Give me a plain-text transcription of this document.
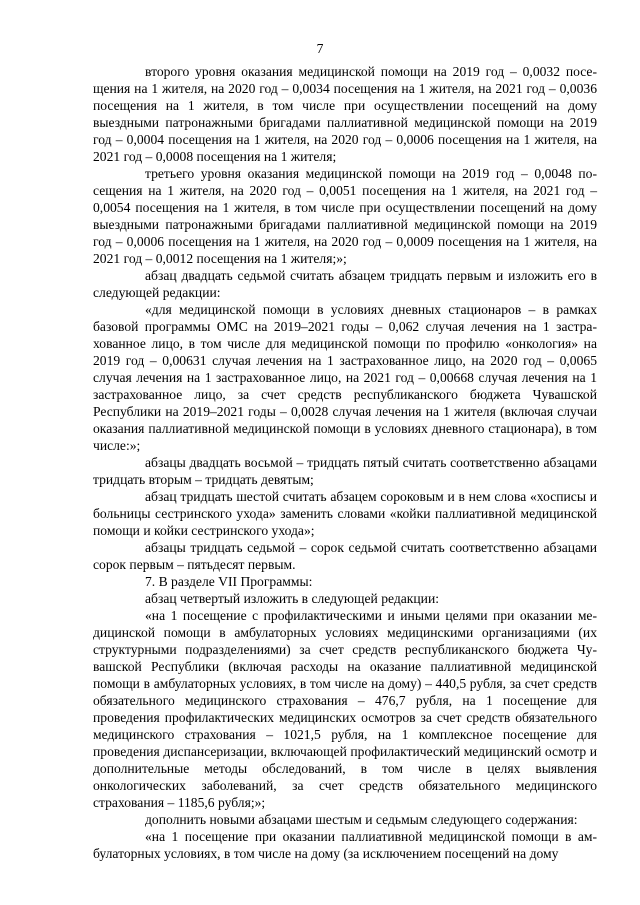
7

второго уровня оказания медицинской помощи на 2019 год – 0,0032 посещения на 1 жителя, на 2020 год – 0,0034 посещения на 1 жителя, на 2021 год – 0,0036 посещения на 1 жителя, в том числе при осуществлении посещений на дому выездными патронажными бригадами паллиативной медицинской помощи на 2019 год – 0,0004 посещения на 1 жителя, на 2020 год – 0,0006 посещения на 1 жителя, на 2021 год – 0,0008 посещения на 1 жителя;

третьего уровня оказания медицинской помощи на 2019 год – 0,0048 посещения на 1 жителя, на 2020 год – 0,0051 посещения на 1 жителя, на 2021 год – 0,0054 посещения на 1 жителя, в том числе при осуществлении посещений на дому выездными патронажными бригадами паллиативной медицинской помощи на 2019 год – 0,0006 посещения на 1 жителя, на 2020 год – 0,0009 посещения на 1 жителя, на 2021 год – 0,0012 посещения на 1 жителя;»;

абзац двадцать седьмой считать абзацем тридцать первым и изложить его в следующей редакции:

«для медицинской помощи в условиях дневных стационаров – в рамках базовой программы ОМС на 2019–2021 годы – 0,062 случая лечения на 1 застрахованное лицо, в том числе для медицинской помощи по профилю «онкология» на 2019 год – 0,00631 случая лечения на 1 застрахованное лицо, на 2020 год – 0,0065 случая лечения на 1 застрахованное лицо, на 2021 год – 0,00668 случая лечения на 1 застрахованное лицо, за счет средств республиканского бюджета Чувашской Республики на 2019–2021 годы – 0,0028 случая лечения на 1 жителя (включая случаи оказания паллиативной медицинской помощи в условиях дневного стационара), в том числе:»;

абзацы двадцать восьмой – тридцать пятый считать соответственно абзацами тридцать вторым – тридцать девятым;

абзац тридцать шестой считать абзацем сороковым и в нем слова «хосписы и больницы сестринского ухода» заменить словами «койки паллиативной медицинской помощи и койки сестринского ухода»;

абзацы тридцать седьмой – сорок седьмой считать соответственно абзацами сорок первым – пятьдесят первым.

7. В разделе VII Программы:

абзац четвертый изложить в следующей редакции:

«на 1 посещение с профилактическими и иными целями при оказании медицинской помощи в амбулаторных условиях медицинскими организациями (их структурными подразделениями) за счет средств республиканского бюджета Чувашской Республики (включая расходы на оказание паллиативной медицинской помощи в амбулаторных условиях, в том числе на дому) – 440,5 рубля, за счет средств обязательного медицинского страхования – 476,7 рубля, на 1 посещение для проведения профилактических медицинских осмотров за счет средств обязательного медицинского страхования – 1021,5 рубля, на 1 комплексное посещение для проведения диспансеризации, включающей профилактический медицинский осмотр и дополнительные методы обследований, в том числе в целях выявления онкологических заболеваний, за счет средств обязательного медицинского страхования – 1185,6 рубля;»;

дополнить новыми абзацами шестым и седьмым следующего содержания:

«на 1 посещение при оказании паллиативной медицинской помощи в амбулаторных условиях, в том числе на дому (за исключением посещений на дому
